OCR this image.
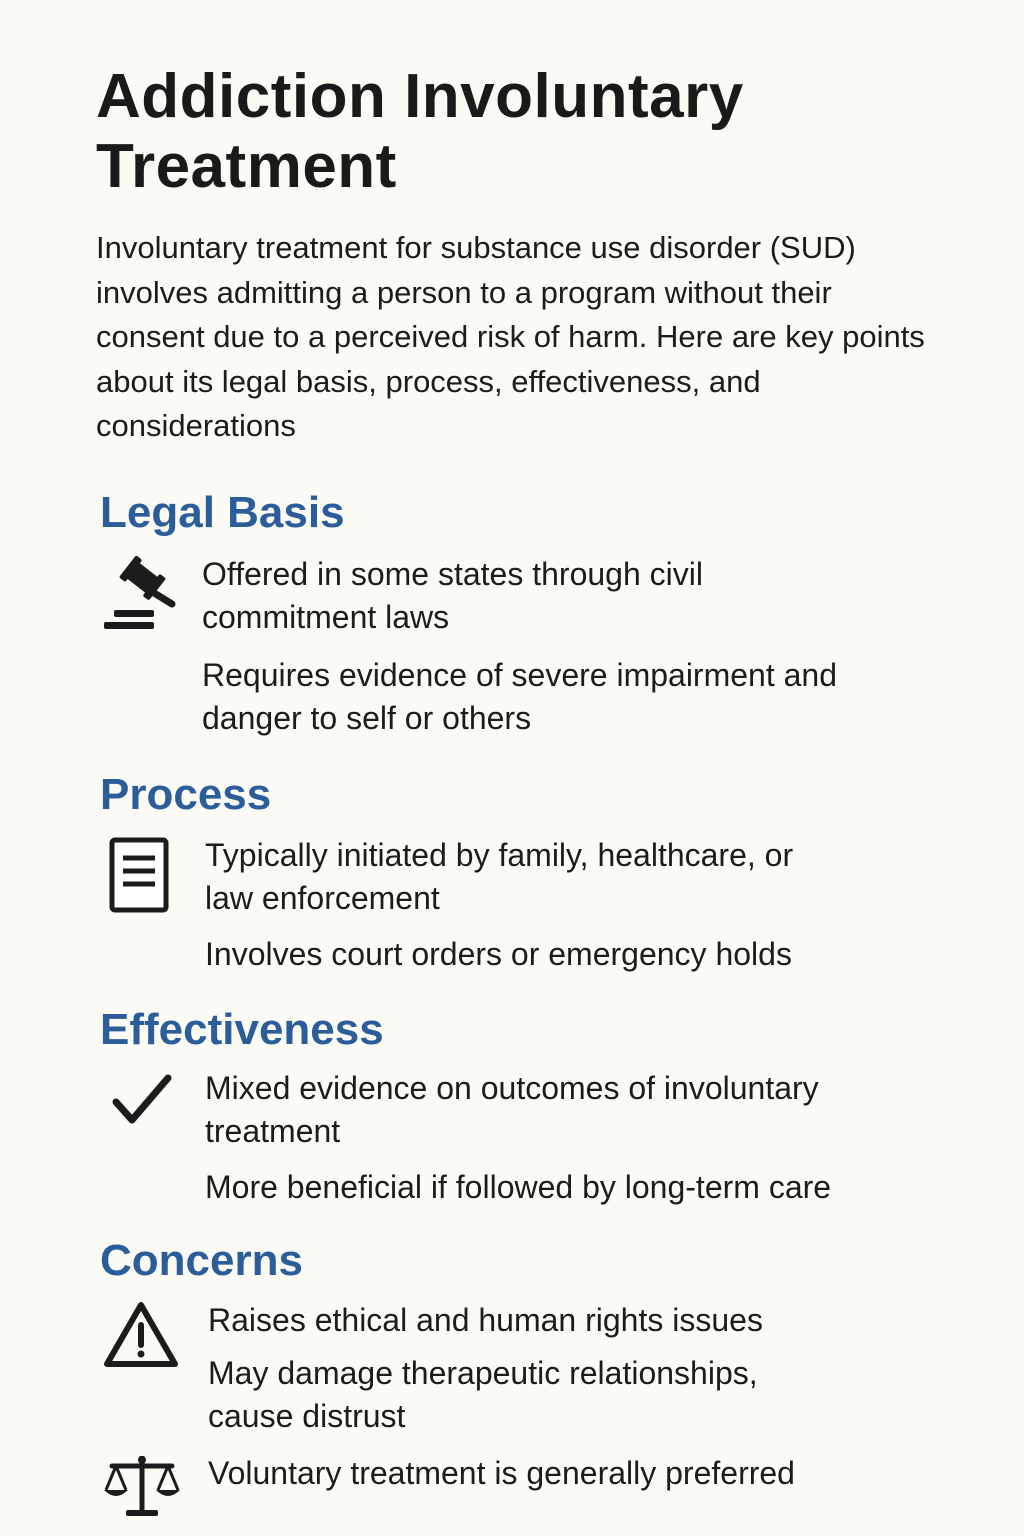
Addiction Involuntary Treatment

Involuntary treatment for substance use disorder (SUD) involves admitting a person to a program without their consent due to a perceived risk of harm. Here are key points about its legal basis, process, effectiveness, and considerations

Legal Basis

Offered in some states through civil commitment laws

Requires evidence of severe impairment and danger to self or others

Process

Typically initiated by family, healthcare, or law enforcement

Involves court orders or emergency holds

Effectiveness

Mixed evidence on outcomes of involuntary treatment

More beneficial if followed by long-term care

Concerns

Raises ethical and human rights issues

May damage therapeutic relationships, cause distrust

Voluntary treatment is generally preferred
